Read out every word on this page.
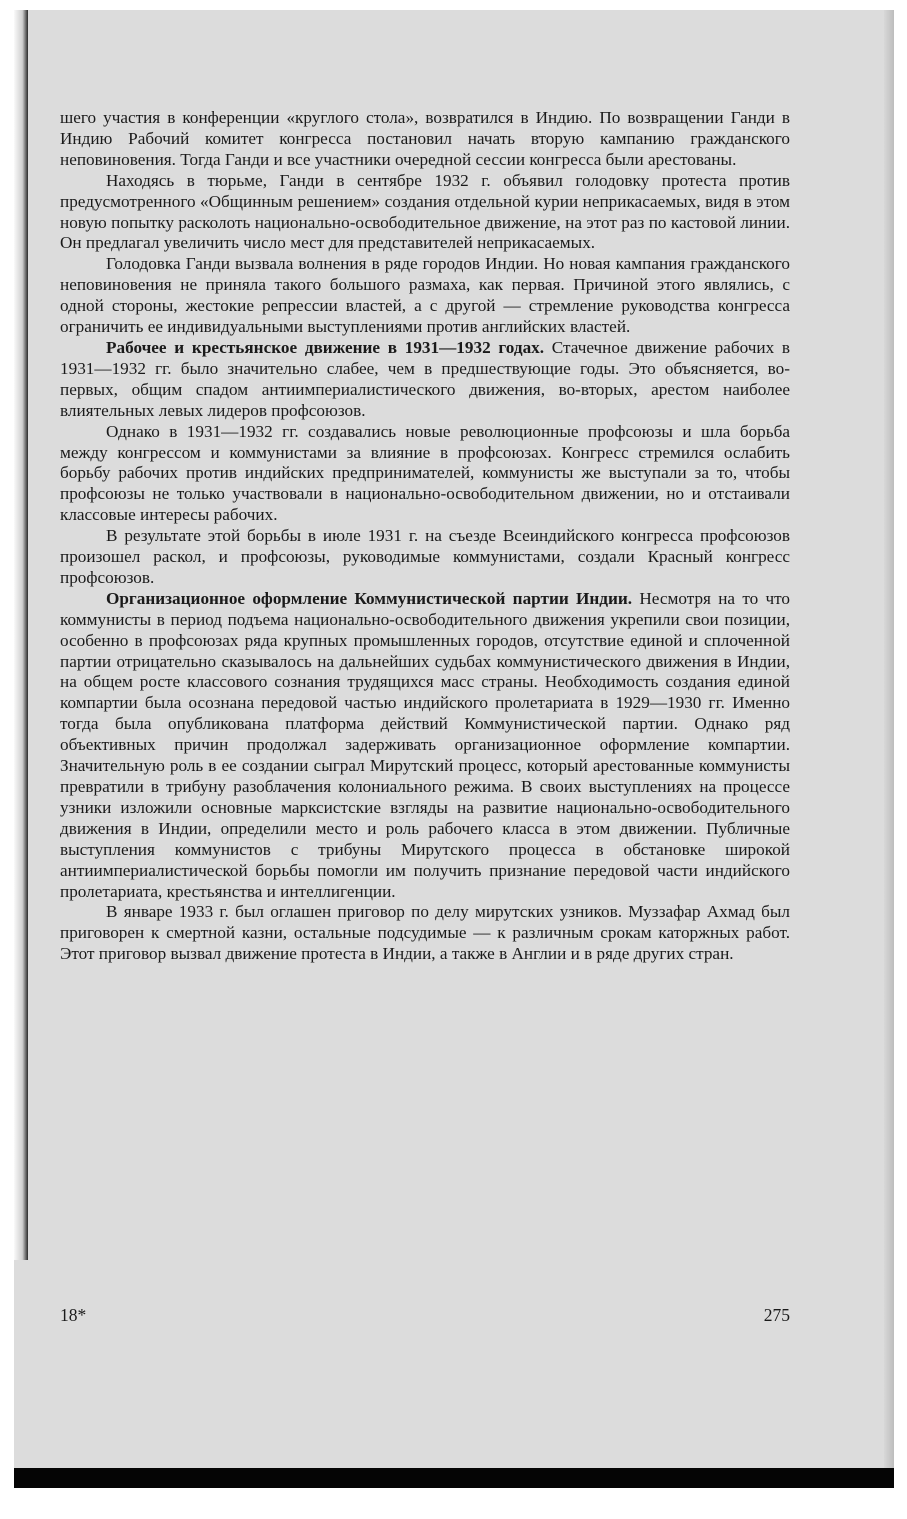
шего участия в конференции «круглого стола», возвратился в Индию. По возвращении Ганди в Индию Рабочий комитет конгресса постановил начать вторую кампанию гражданского неповиновения. Тогда Ганди и все участники очередной сессии конгресса были арестованы.

Находясь в тюрьме, Ганди в сентябре 1932 г. объявил голодовку протеста против предусмотренного «Общинным решением» создания отдельной курии неприкасаемых, видя в этом новую попытку расколоть национально-освободительное движение, на этот раз по кастовой линии. Он предлагал увеличить число мест для представителей неприкасаемых.

Голодовка Ганди вызвала волнения в ряде городов Индии. Но новая кампания гражданского неповиновения не приняла такого большого размаха, как первая. Причиной этого являлись, с одной стороны, жестокие репрессии властей, а с другой — стремление руководства конгресса ограничить ее индивидуальными выступлениями против английских властей.

Рабочее и крестьянское движение в 1931—1932 годах. Стачечное движение рабочих в 1931—1932 гг. было значительно слабее, чем в предшествующие годы. Это объясняется, во-первых, общим спадом антиимпериалистического движения, во-вторых, арестом наиболее влиятельных левых лидеров профсоюзов.

Однако в 1931—1932 гг. создавались новые революционные профсоюзы и шла борьба между конгрессом и коммунистами за влияние в профсоюзах. Конгресс стремился ослабить борьбу рабочих против индийских предпринимателей, коммунисты же выступали за то, чтобы профсоюзы не только участвовали в национально-освободительном движении, но и отстаивали классовые интересы рабочих.

В результате этой борьбы в июле 1931 г. на съезде Всеиндийского конгресса профсоюзов произошел раскол, и профсоюзы, руководимые коммунистами, создали Красный конгресс профсоюзов.

Организационное оформление Коммунистической партии Индии. Несмотря на то что коммунисты в период подъема национально-освободительного движения укрепили свои позиции, особенно в профсоюзах ряда крупных промышленных городов, отсутствие единой и сплоченной партии отрицательно сказывалось на дальнейших судьбах коммунистического движения в Индии, на общем росте классового сознания трудящихся масс страны. Необходимость создания единой компартии была осознана передовой частью индийского пролетариата в 1929—1930 гг. Именно тогда была опубликована платформа действий Коммунистической партии. Однако ряд объективных причин продолжал задерживать организационное оформление компартии. Значительную роль в ее создании сыграл Мирутский процесс, который арестованные коммунисты превратили в трибуну разоблачения колониального режима. В своих выступлениях на процессе узники изложили основные марксистские взгляды на развитие национально-освободительного движения в Индии, определили место и роль рабочего класса в этом движении. Публичные выступления коммунистов с трибуны Мирутского процесса в обстановке широкой антиимпериалистической борьбы помогли им получить признание передовой части индийского пролетариата, крестьянства и интеллигенции.

В январе 1933 г. был оглашен приговор по делу мирутских узников. Муззафар Ахмад был приговорен к смертной казни, остальные подсудимые — к различным срокам каторжных работ. Этот приговор вызвал движение протеста в Индии, а также в Англии и в ряде других стран.

18*	275
